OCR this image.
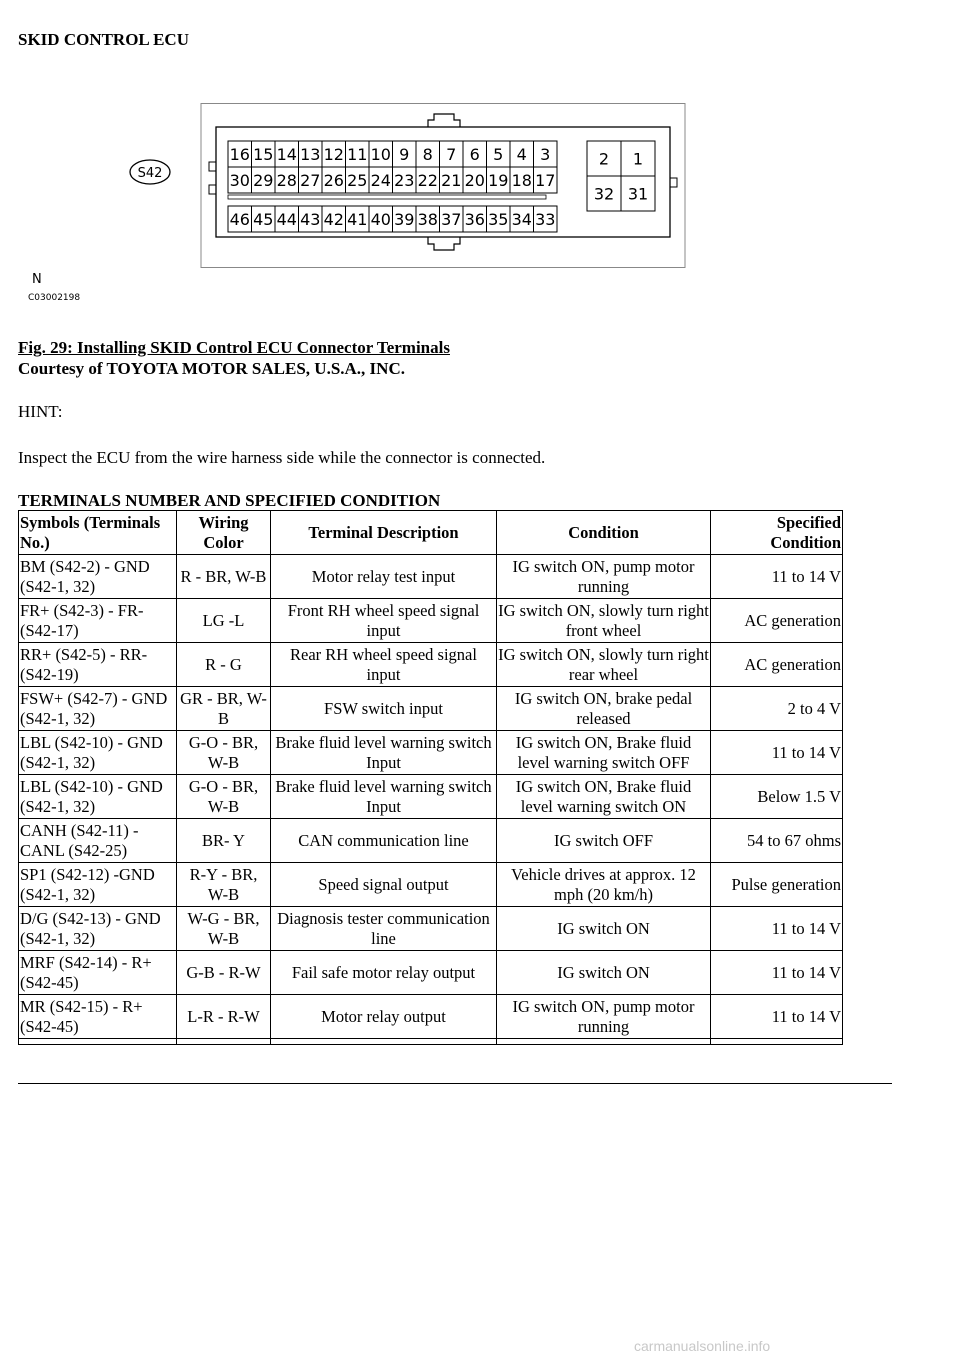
SKID CONTROL ECU
S42
16 15 14 13 12 11 10 9 8 7 6 5 4 3	2 1
30 29 28 27 26 25 24 23 22 21 20 19 18 17
32 31
46 45 44 43 42 41 40 39 38 37 36 35 34 33
N
C03002198
Fig. 29: Installing SKID Control ECU Connector Terminals
Courtesy of TOYOTA MOTOR SALES, U.S.A., INC.
HINT:
Inspect the ECU from the wire harness side while the connector is connected.
TERMINALS NUMBER AND SPECIFIED CONDITION
Symbols (Terminals No.)	Wiring Color	Terminal Description	Condition	Specified Condition
BM (S42-2) - GND (S42-1, 32)	R - BR, W-B	Motor relay test input	IG switch ON, pump motor running	11 to 14 V
FR+ (S42-3) - FR- (S42-17)	LG -L	Front RH wheel speed signal input	IG switch ON, slowly turn right front wheel	AC generation
RR+ (S42-5) - RR- (S42-19)	R - G	Rear RH wheel speed signal input	IG switch ON, slowly turn right rear wheel	AC generation
FSW+ (S42-7) - GND (S42-1, 32)	GR - BR, W-B	FSW switch input	IG switch ON, brake pedal released	2 to 4 V
LBL (S42-10) - GND (S42-1, 32)	G-O - BR, W-B	Brake fluid level warning switch Input	IG switch ON, Brake fluid level warning switch OFF	11 to 14 V
LBL (S42-10) - GND (S42-1, 32)	G-O - BR, W-B	Brake fluid level warning switch Input	IG switch ON, Brake fluid level warning switch ON	Below 1.5 V
CANH (S42-11) - CANL (S42-25)	BR- Y	CAN communication line	IG switch OFF	54 to 67 ohms
SP1 (S42-12) -GND (S42-1, 32)	R-Y - BR, W-B	Speed signal output	Vehicle drives at approx. 12 mph (20 km/h)	Pulse generation
D/G (S42-13) - GND (S42-1, 32)	W-G - BR, W-B	Diagnosis tester communication line	IG switch ON	11 to 14 V
MRF (S42-14) - R+ (S42-45)	G-B - R-W	Fail safe motor relay output	IG switch ON	11 to 14 V
MR (S42-15) - R+ (S42-45)	L-R - R-W	Motor relay output	IG switch ON, pump motor running	11 to 14 V

carmanualsonline.info
